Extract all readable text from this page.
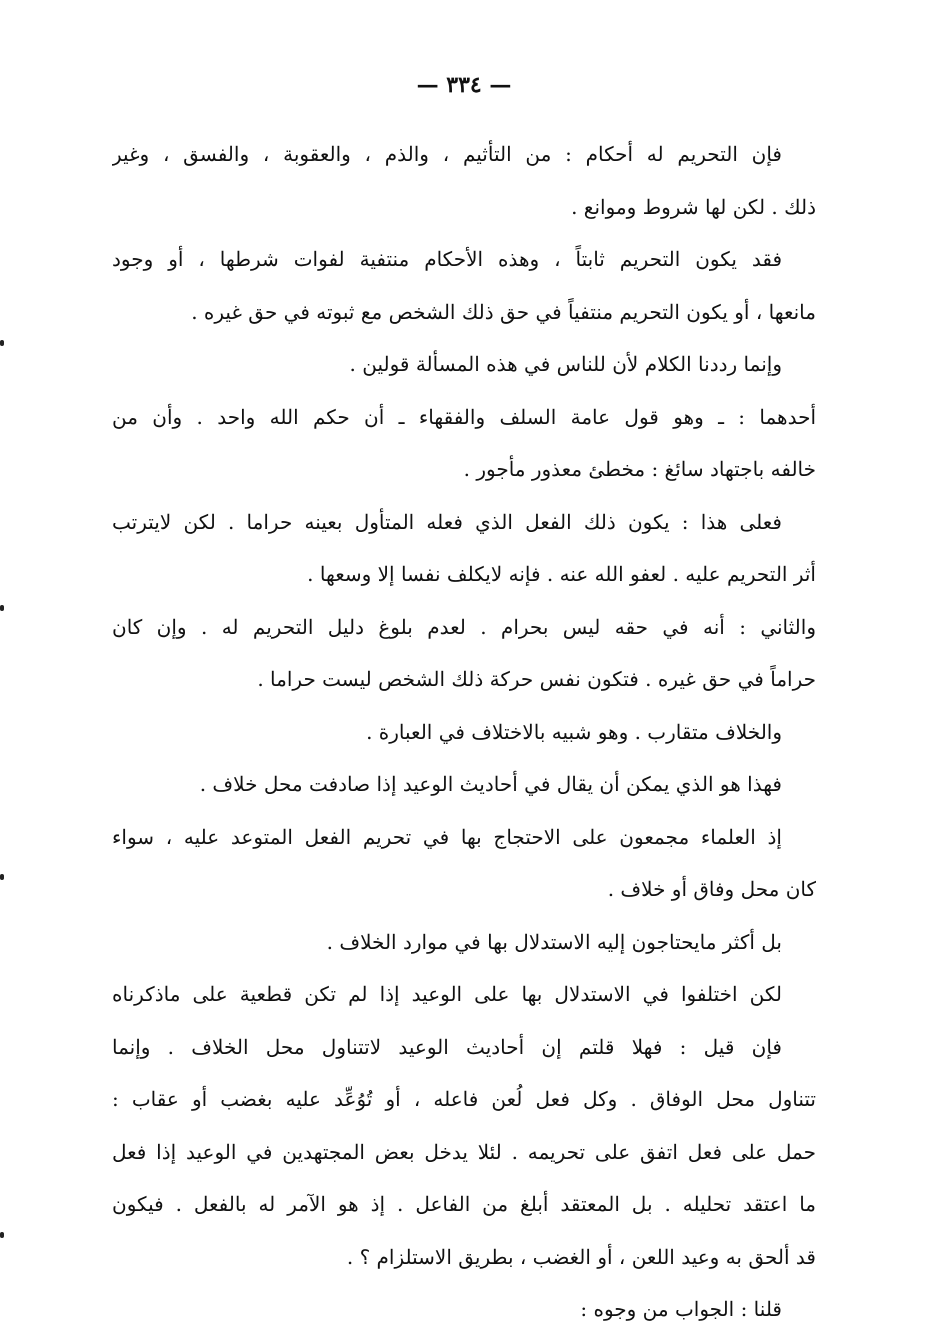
— ٣٣٤ —
فإن التحريم له أحكام : من التأثيم ، والذم ، والعقوبة ، والفسق ، وغير
ذلك . لكن لها شروط وموانع .
فقد يكون التحريم ثابتاً ، وهذه الأحكام منتفية لفوات شرطها ، أو وجود
مانعها ، أو يكون التحريم منتفياً في حق ذلك الشخص مع ثبوته في حق غيره .
وإنما رددنا الكلام لأن للناس في هذه المسألة قولين .
أحدهما : ـ وهو قول عامة السلف والفقهاء ـ أن حكم الله واحد . وأن من
خالفه باجتهاد سائغ : مخطئ معذور مأجور .
فعلى هذا : يكون ذلك الفعل الذي فعله المتأول بعينه حراما . لكن لايترتب
أثر التحريم عليه . لعفو الله عنه . فإنه لايكلف نفسا إلا وسعها .
والثاني : أنه في حقه ليس بحرام . لعدم بلوغ دليل التحريم له . وإن كان
حراماً في حق غيره . فتكون نفس حركة ذلك الشخص ليست حراما .
والخلاف متقارب . وهو شبيه بالاختلاف في العبارة .
فهذا هو الذي يمكن أن يقال في أحاديث الوعيد إذا صادفت محل خلاف .
إذ العلماء مجمعون على الاحتجاج بها في تحريم الفعل المتوعد عليه ، سواء
كان محل وفاق أو خلاف .
بل أكثر مايحتاجون إليه الاستدلال بها في موارد الخلاف .
لكن اختلفوا في الاستدلال بها على الوعيد إذا لم تكن قطعية على ماذكرناه
فإن قيل : فهلا قلتم إن أحاديث الوعيد لاتتناول محل الخلاف . وإنما
تتناول محل الوفاق . وكل فعل لُعن فاعله ، أو تُوُعِّد عليه بغضب أو عقاب :
حمل على فعل اتفق على تحريمه . لئلا يدخل بعض المجتهدين في الوعيد إذا فعل
ما اعتقد تحليله . بل المعتقد أبلغ من الفاعل . إذ هو الآمر له بالفعل . فيكون
قد ألحق به وعيد اللعن ، أو الغضب ، بطريق الاستلزام ؟ .
قلنا : الجواب من وجوه :
